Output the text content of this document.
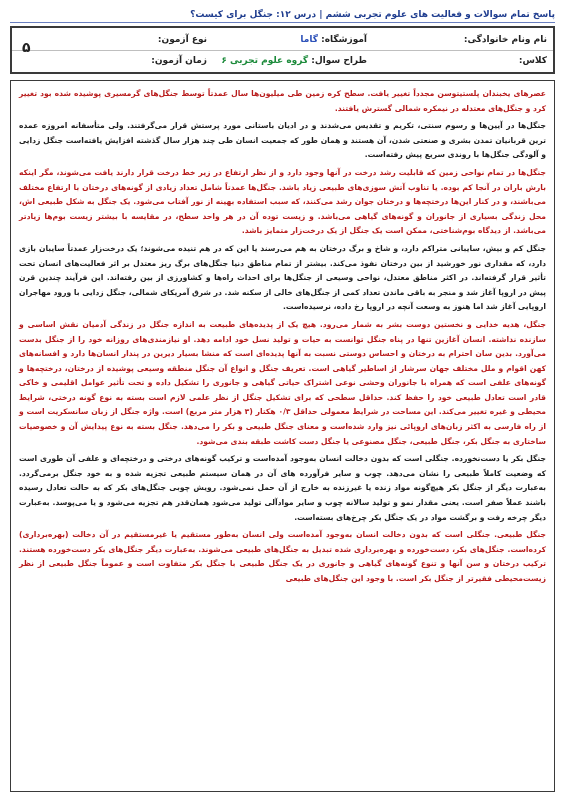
پاسخ تمام سوالات و فعالیت های علوم تجربی ششم | درس ۱۲: جنگل برای کیست؟
نام ونام خانوادگی:
آموزشگاه: گاما
نوع آزمون:
کلاس:
طراح سوال: گروه علوم تجربی ۶
زمان آزمون:
۵

عصرهای یخبندان پلستیتوسن مجدداً تغییر یافت. سطح کره زمین طی میلیون‌ها سال عمدتاً توسط جنگل‌های گرمسیری پوشیده شده بود تغییر کرد و جنگل‌های معتدله در نیمکره شمالی گسترش یافتند.

جنگل‌ها در آیین‌ها و رسوم سنتی، تکریم و تقدیس می‌شدند و در ادیان باستانی مورد پرستش قرار می‌گرفتند. ولی متأسفانه امروزه عمده ترین قربانیان تمدن بشری و صنعتی شدن، آن هستند و همان طور که جمعیت انسان طی چند هزار سال گذشته افزایش یافته‌است جنگل زدایی و آلودگی جنگل‌ها با روندی سریع پیش رفته‌است.

جنگل‌ها در تمام نواحی زمین که قابلیت رشد درخت در آنها وجود دارد و از نظر ارتفاع در زیر خط درخت قرار دارند یافت می‌شوند، مگر اینکه بارش باران در آنجا کم بوده. یا تناوب آتش سوزی‌های طبیعی زیاد باشد. جنگل‌ها عمدتاً شامل تعداد زیادی از گونه‌های درختان با ارتفاع مختلف می‌باشند، و در کنار این‌ها درختچه‌ها و درختان جوان رشد می‌کنند، که سبب استفاده بهینه از نور آفتاب می‌شود. یک جنگل به شکل طبیعی اش، محل زندگی بسیاری از جانوران و گونه‌های گیاهی می‌باشد. و زیست توده آن در هر واحد سطح، در مقایسه با بیشتر زیست بوم‌ها زیادتر می‌باشد. از دیدگاه بوم‌شناختی، ممکن است یک جنگل از یک درخت‌زار متمایز باشد.

جنگل کم و بیش، سایبانی متراکم دارد، و شاخ و برگ درختان به هم می‌رسند یا این که در هم تنیده می‌شوند؛ یک درخت‌زار عمدتاً سایبان بازی دارد، که مقداری نور خورشید از بین درختان نفوذ می‌کند. بیشتر از تمام مناطق دنیا جنگل‌های برگ ریز معتدل بر اثر فعالیت‌های انسان تحت تأثیر قرار گرفته‌اند. در اکثر مناطق معتدل، نواحی وسیعی از جنگل‌ها برای احداث راه‌ها و کشاورزی از بین رفته‌اند. این فرآیند چندین قرن پیش در اروپا آغاز شد و منجر به باقی ماندن تعداد کمی از جنگل‌های خالی از سکنه شد. در شرق آمریکای شمالی، جنگل زدایی با ورود مهاجران اروپایی آغاز شد اما هنوز به وسعت آنچه در اروپا رخ داده، نرسیده‌است.

جنگل، هدیه خدایی و نخستین دوست بشر به شمار می‌رود. هیچ یک از پدیده‌های طبیعت به اندازه جنگل در زندگی آدمیان نقش اساسی و سازنده نداشته. انسان آغازین تنها در پناه جنگل توانست به حیات و تولید نسل خود ادامه دهد. او نیازمندی‌های روزانه خود را از جنگل بدست می‌آورد. بدین سان احترام به درختان و احساس دوستی نسبت به آنها پدیده‌ای است که منشا بسیار دیرین در پندار انسان‌ها دارد و افسانه‌های کهن اقوام و ملل مختلف جهان سرشار از اساطیر گیاهی است. تعریف جنگل و انواع آن جنگل منطقه وسیعی پوشیده از درختان، درختچه‌ها و گونه‌های علفی است که همراه با جانوران وحشی نوعی اشتراک حیاتی گیاهی و جانوری را تشکیل داده و تحت تأثیر عوامل اقلیمی و خاکی قادر است تعادل طبیعی خود را حفظ کند. حداقل سطحی که برای تشکیل جنگل از نظر علمی لازم است بسته به نوع گونه درختی، شرایط محیطی و غیره تغییر می‌کند. این مساحت در شرایط معمولی حداقل ۰/۳ هکتار (۳ هزار متر مربع) است. واژه جنگل از زبان سانسکریت است و از راه فارسی به اکثر زبان‌های اروپائی نیز وارد شده‌است و معنای جنگل طبیعی و بکر را می‌دهد. جنگل بسته به نوع پیدایش آن و خصوصیات ساختاری به جنگل بکر، جنگل طبیعی، جنگل مصنوعی یا جنگل دست کاشت طبقه بندی می‌شود.

جنگل بکر یا دست‌نخورده. جنگلی است که بدون دخالت انسان به‌وجود آمده‌است و ترکیب گونه‌های درختی و درختچه‌ای و علفی آن طوری است که وضعیت کاملاً طبیعی را نشان می‌دهد. چوب و سایر فرآورده های آن در همان سیستم طبیعی تجزیه شده و به خود جنگل برمی‌گردد. به‌عبارت دیگر از جنگل بکر هیچ‌گونه مواد زنده یا غیرزنده به خارج از آن حمل نمی‌شود. رویش چوبی جنگل‌های بکر که به حالت تعادل رسیده باشند عملاً صفر است. یعنی مقدار نمو و تولید سالانه چوب و سایر موادآلی تولید می‌شود همان‌قدر هم تجزیه می‌شود و یا می‌پوسد. به‌عبارت دیگر چرخه رفت و برگشت مواد در یک جنگل بکر چرخ‌های بسته‌است.

جنگل طبیعی. جنگلی است که بدون دخالت انسان به‌وجود آمده‌است ولی انسان به‌طور مستقیم یا غیرمستقیم در آن دخالت (بهره‌برداری) کرده‌است. جنگل‌های بکر، دست‌خورده و بهره‌برداری شده تبدیل به جنگل‌های طبیعی می‌شوند. به‌عبارت دیگر جنگل‌های بکر دست‌خورده هستند. ترکیب درختان و سن آنها و تنوع گونه‌های گیاهی و جانوری در یک جنگل طبیعی با جنگل بکر متفاوت است و عموماً جنگل طبیعی از نظر زیست‌محیطی فقیرتر از جنگل بکر است. با وجود این جنگل‌های طبیعی
